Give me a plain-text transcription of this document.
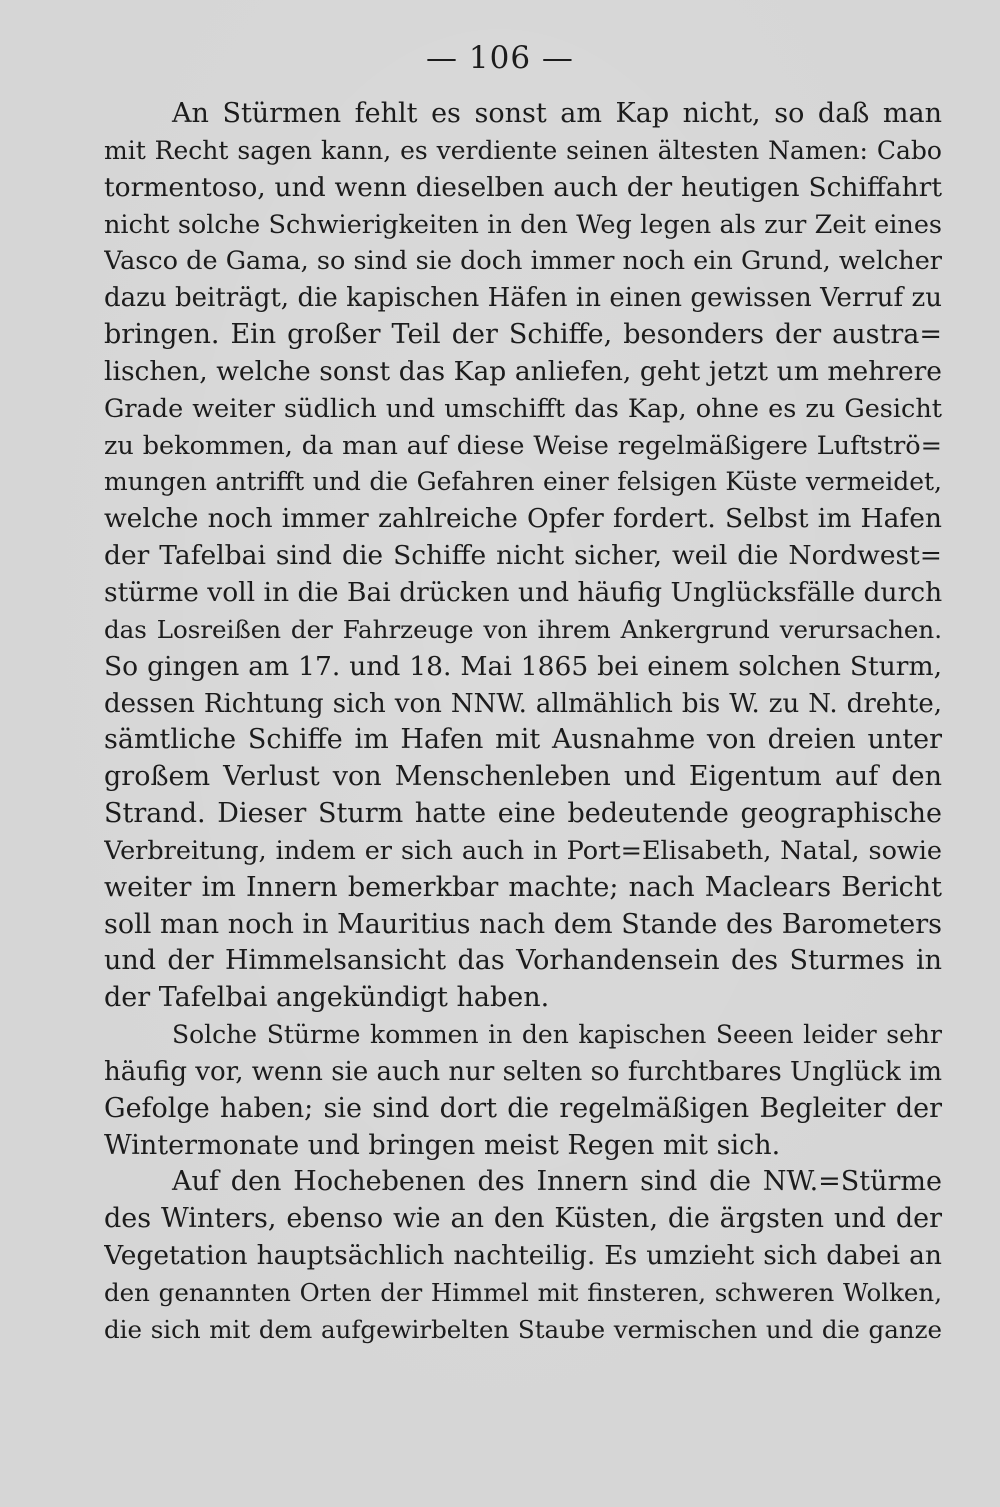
— 106 —
An Stürmen fehlt es sonst am Kap nicht, so daß man
mit Recht sagen kann, es verdiente seinen ältesten Namen: Cabo
tormentoso, und wenn dieselben auch der heutigen Schiffahrt
nicht solche Schwierigkeiten in den Weg legen als zur Zeit eines
Vasco de Gama, so sind sie doch immer noch ein Grund, welcher
dazu beiträgt, die kapischen Häfen in einen gewissen Verruf zu
bringen. Ein großer Teil der Schiffe, besonders der austra=
lischen, welche sonst das Kap anliefen, geht jetzt um mehrere
Grade weiter südlich und umschifft das Kap, ohne es zu Gesicht
zu bekommen, da man auf diese Weise regelmäßigere Luftströ=
mungen antrifft und die Gefahren einer felsigen Küste vermeidet,
welche noch immer zahlreiche Opfer fordert. Selbst im Hafen
der Tafelbai sind die Schiffe nicht sicher, weil die Nordwest=
stürme voll in die Bai drücken und häufig Unglücksfälle durch
das Losreißen der Fahrzeuge von ihrem Ankergrund verursachen.
So gingen am 17. und 18. Mai 1865 bei einem solchen Sturm,
dessen Richtung sich von NNW. allmählich bis W. zu N. drehte,
sämtliche Schiffe im Hafen mit Ausnahme von dreien unter
großem Verlust von Menschenleben und Eigentum auf den
Strand. Dieser Sturm hatte eine bedeutende geographische
Verbreitung, indem er sich auch in Port=Elisabeth, Natal, sowie
weiter im Innern bemerkbar machte; nach Maclears Bericht
soll man noch in Mauritius nach dem Stande des Barometers
und der Himmelsansicht das Vorhandensein des Sturmes in
der Tafelbai angekündigt haben.
Solche Stürme kommen in den kapischen Seeen leider sehr
häufig vor, wenn sie auch nur selten so furchtbares Unglück im
Gefolge haben; sie sind dort die regelmäßigen Begleiter der
Wintermonate und bringen meist Regen mit sich.
Auf den Hochebenen des Innern sind die NW.=Stürme
des Winters, ebenso wie an den Küsten, die ärgsten und der
Vegetation hauptsächlich nachteilig. Es umzieht sich dabei an
den genannten Orten der Himmel mit finsteren, schweren Wolken,
die sich mit dem aufgewirbelten Staube vermischen und die ganze
